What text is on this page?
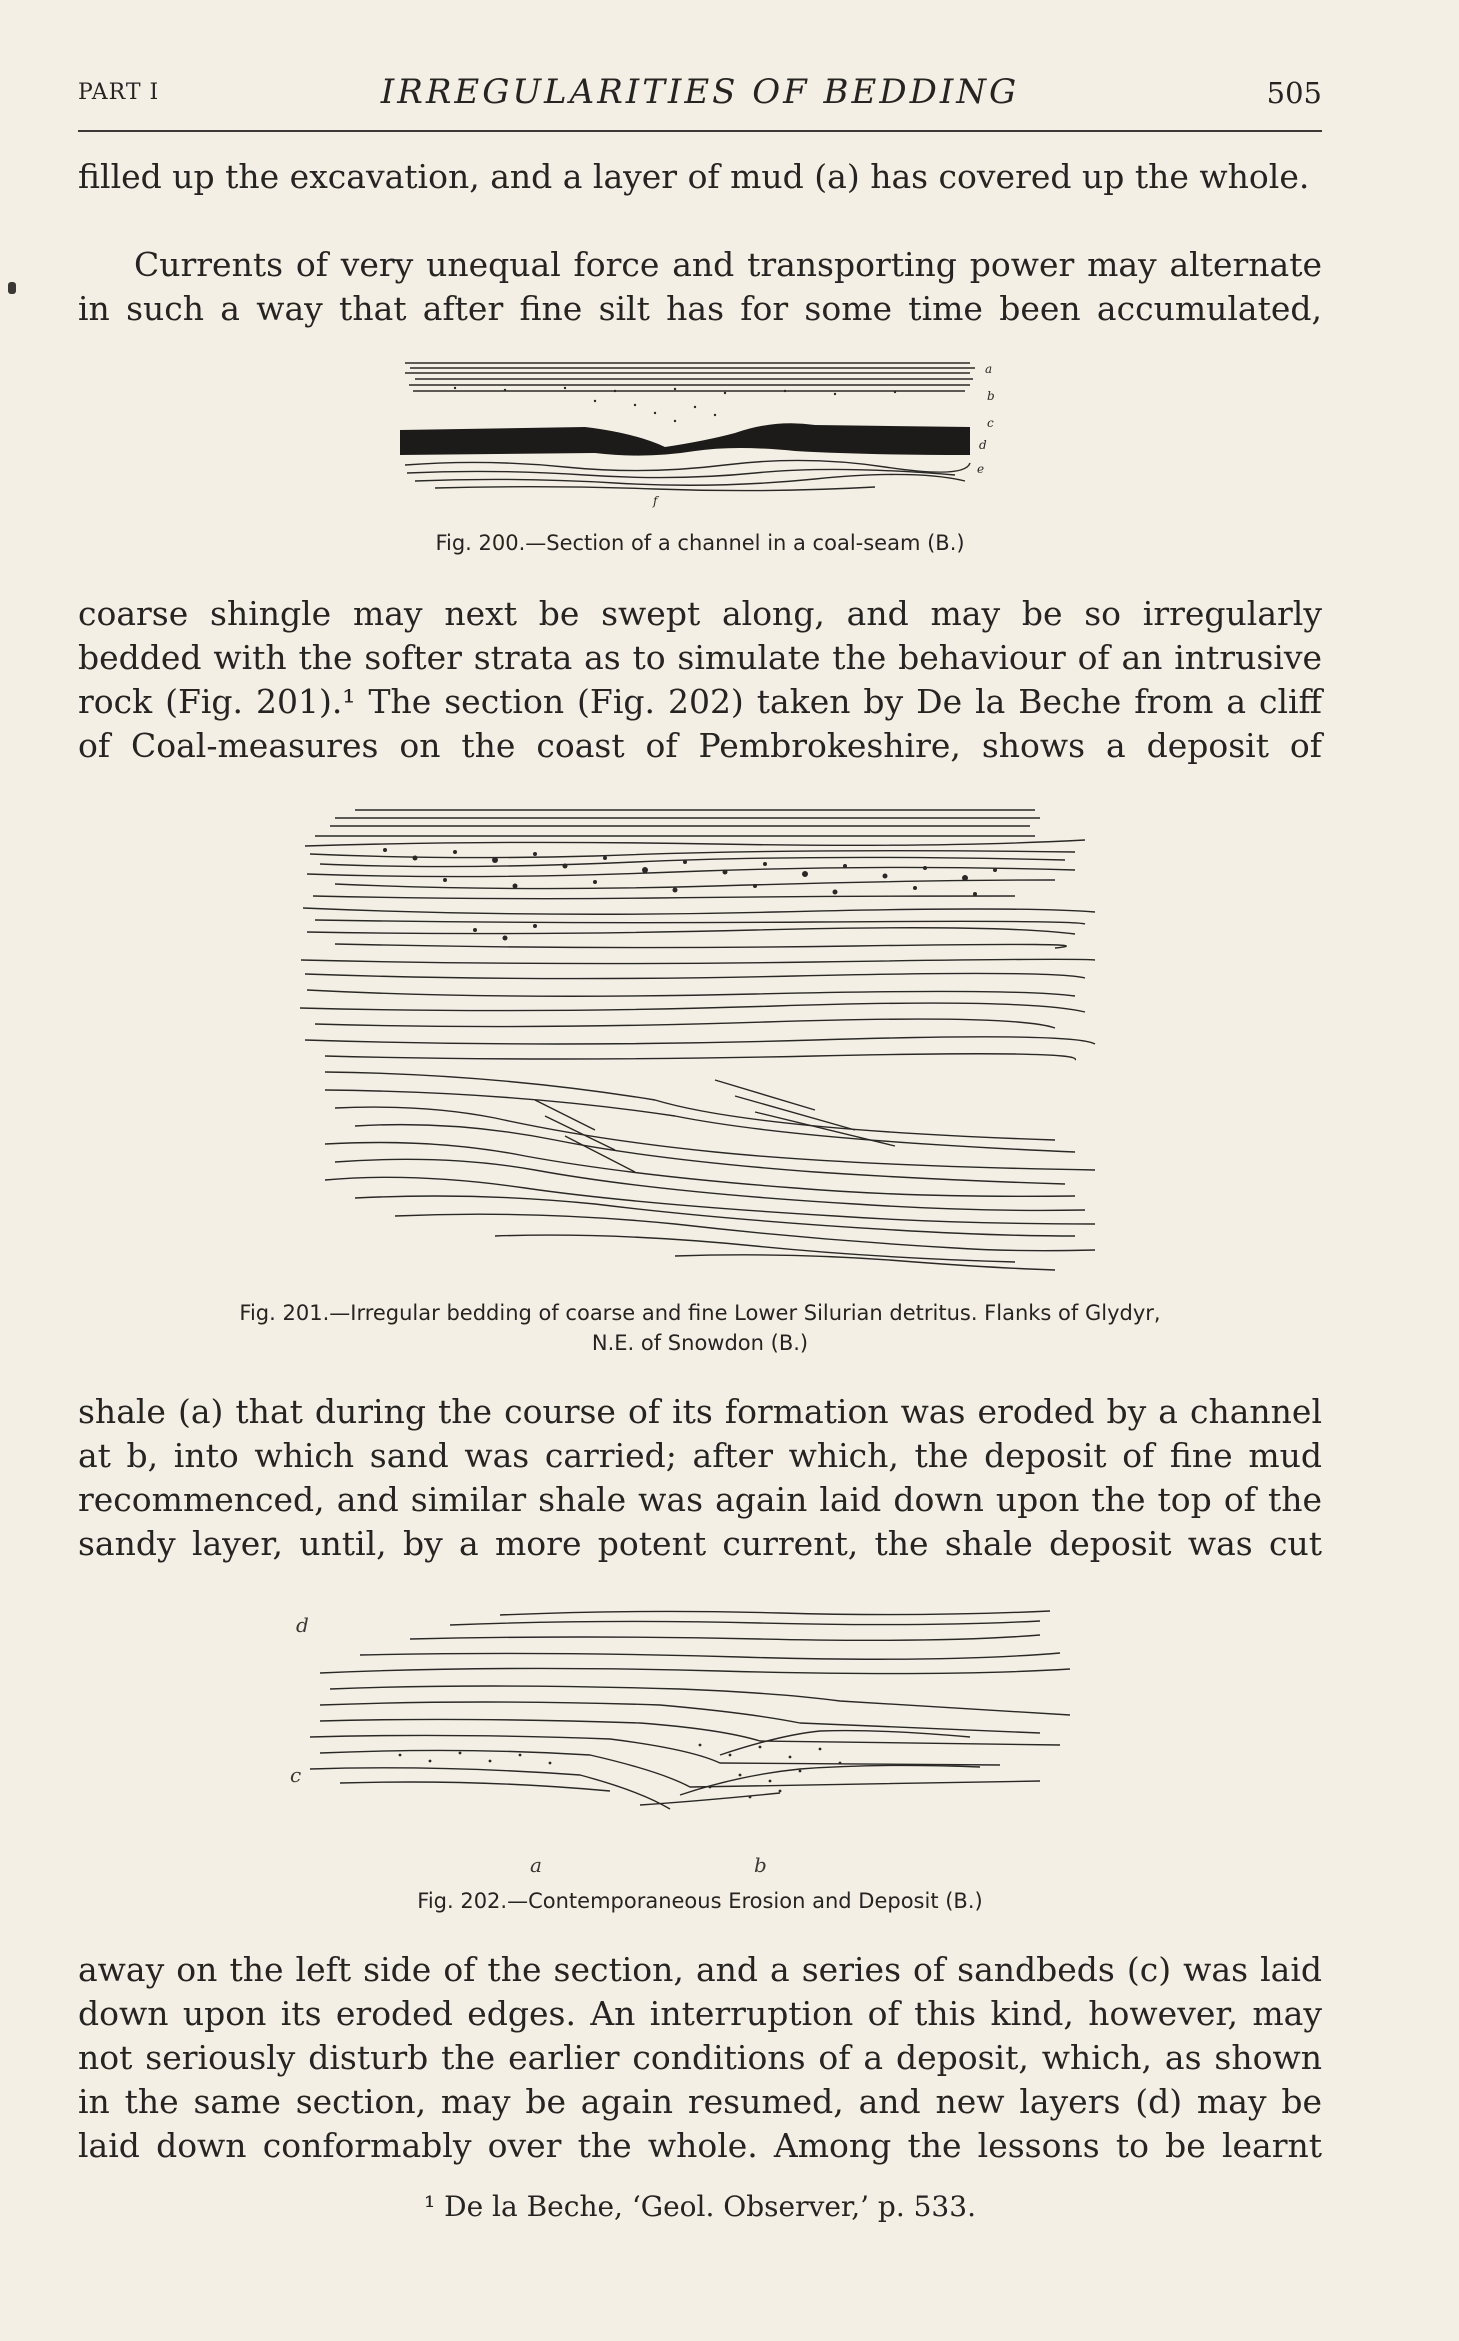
PART I	IRREGULARITIES OF BEDDING	505

filled up the excavation, and a layer of mud (a) has covered up the whole.

Currents of very unequal force and transporting power may alternate in such a way that after fine silt has for some time been accumulated,

a
b
c
d
e
f
Fig. 200.—Section of a channel in a coal-seam (B.)

coarse shingle may next be swept along, and may be so irregularly bedded with the softer strata as to simulate the behaviour of an intrusive rock (Fig. 201).¹ The section (Fig. 202) taken by De la Beche from a cliff of Coal-measures on the coast of Pembrokeshire, shows a deposit of

Fig. 201.—Irregular bedding of coarse and fine Lower Silurian detritus. Flanks of Glydyr,
N.E. of Snowdon (B.)

shale (a) that during the course of its formation was eroded by a channel at b, into which sand was carried; after which, the deposit of fine mud recommenced, and similar shale was again laid down upon the top of the sandy layer, until, by a more potent current, the shale deposit was cut

d
c
a	b
Fig. 202.—Contemporaneous Erosion and Deposit (B.)

away on the left side of the section, and a series of sandbeds (c) was laid down upon its eroded edges. An interruption of this kind, however, may not seriously disturb the earlier conditions of a deposit, which, as shown in the same section, may be again resumed, and new layers (d) may be laid down conformably over the whole. Among the lessons to be learnt

¹ De la Beche, ‘Geol. Observer,’ p. 533.
